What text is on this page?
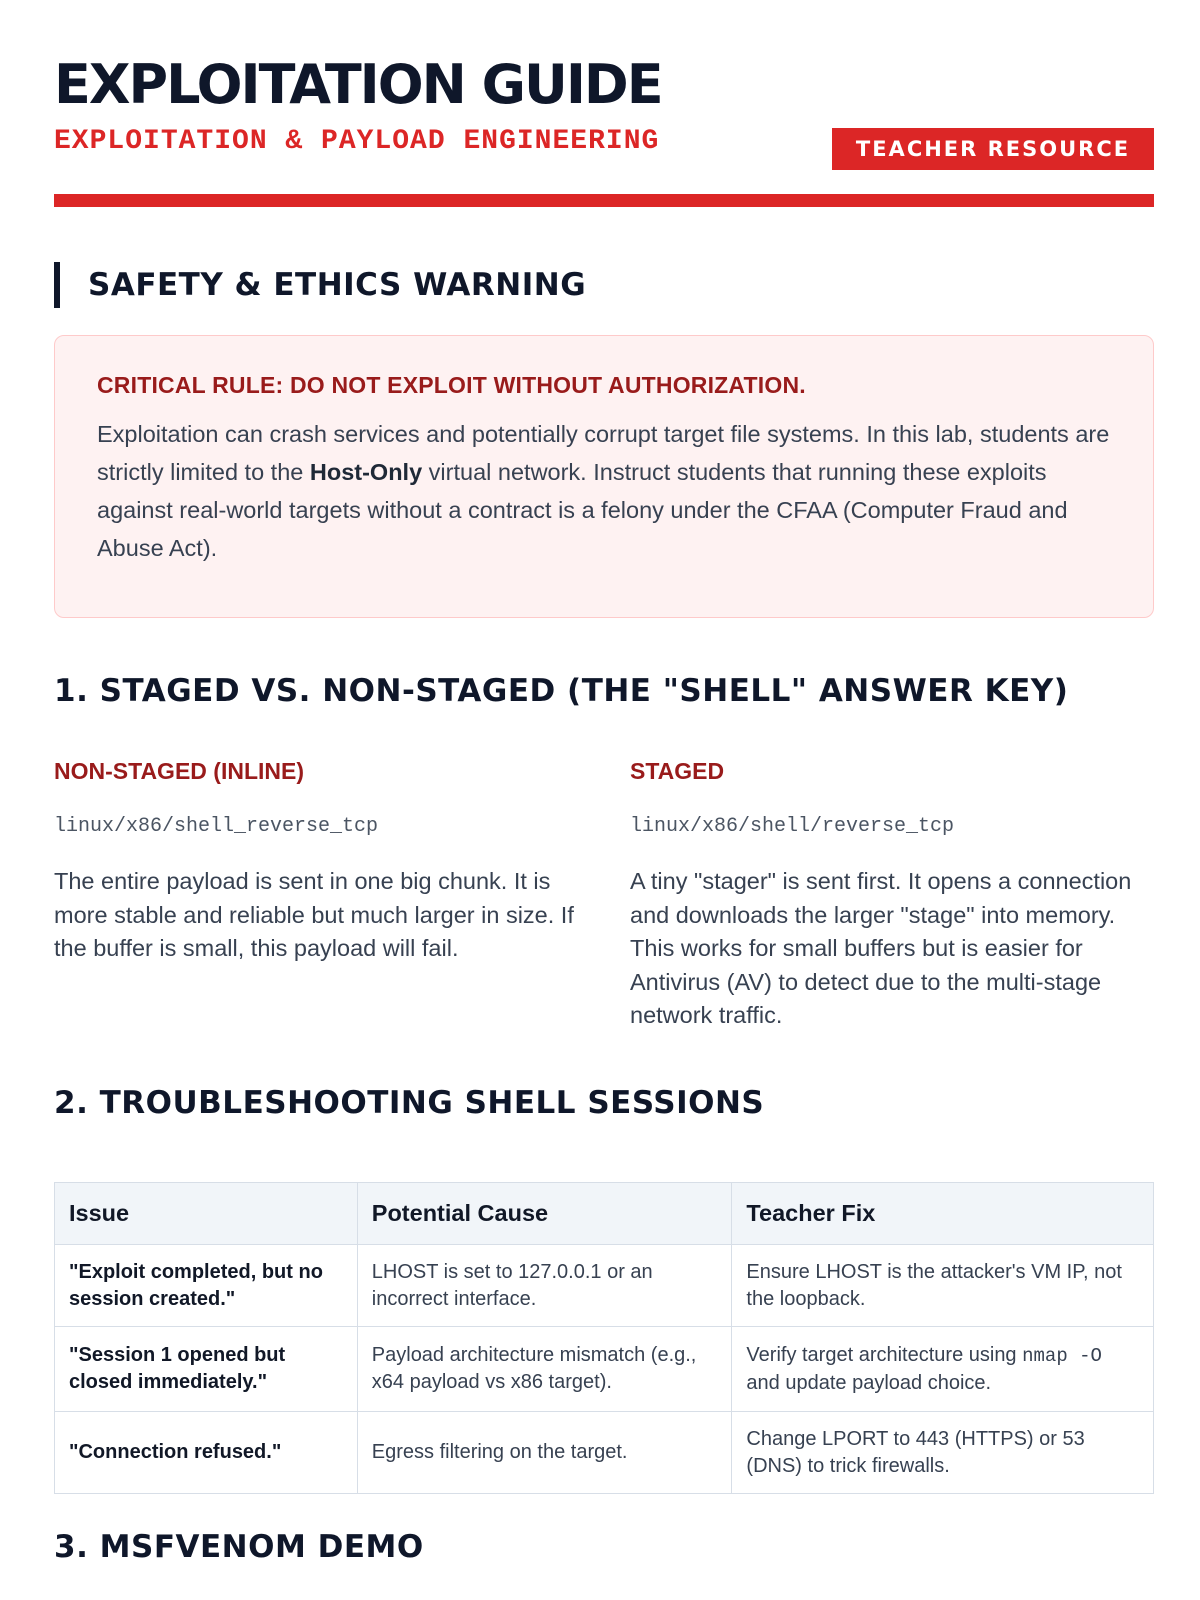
EXPLOITATION GUIDE
EXPLOITATION & PAYLOAD ENGINEERING	TEACHER RESOURCE
SAFETY & ETHICS WARNING
CRITICAL RULE: DO NOT EXPLOIT WITHOUT AUTHORIZATION.
Exploitation can crash services and potentially corrupt target file systems. In this lab, students are strictly limited to the Host-Only virtual network. Instruct students that running these exploits against real-world targets without a contract is a felony under the CFAA (Computer Fraud and Abuse Act).
1. STAGED VS. NON-STAGED (THE "SHELL" ANSWER KEY)
NON-STAGED (INLINE)
linux/x86/shell_reverse_tcp
The entire payload is sent in one big chunk. It is more stable and reliable but much larger in size. If the buffer is small, this payload will fail.
STAGED
linux/x86/shell/reverse_tcp
A tiny "stager" is sent first. It opens a connection and downloads the larger "stage" into memory. This works for small buffers but is easier for Antivirus (AV) to detect due to the multi-stage network traffic.
2. TROUBLESHOOTING SHELL SESSIONS
Issue	Potential Cause	Teacher Fix
"Exploit completed, but no session created."	LHOST is set to 127.0.0.1 or an incorrect interface.	Ensure LHOST is the attacker's VM IP, not the loopback.
"Session 1 opened but closed immediately."	Payload architecture mismatch (e.g., x64 payload vs x86 target).	Verify target architecture using nmap -O and update payload choice.
"Connection refused."	Egress filtering on the target.	Change LPORT to 443 (HTTPS) or 53 (DNS) to trick firewalls.
3. MSFVENOM DEMO
